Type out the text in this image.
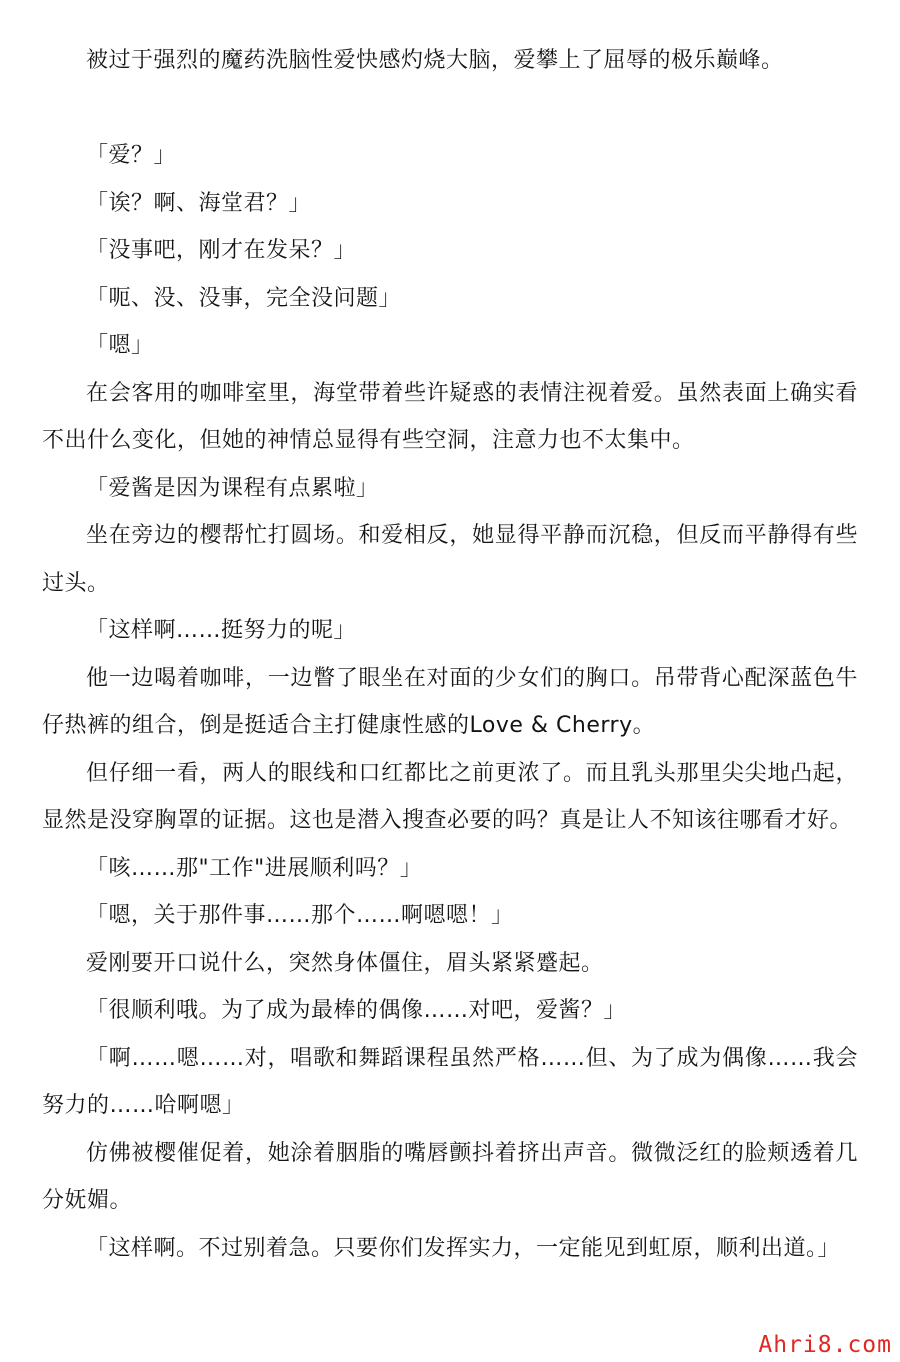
被过于强烈的魔药洗脑性爱快感灼烧大脑，爱攀上了屈辱的极乐巅峰。

「爱？」

「诶？啊、海堂君？」

「没事吧，刚才在发呆？」

「呃、没、没事，完全没问题」

「嗯」

在会客用的咖啡室里，海堂带着些许疑惑的表情注视着爱。虽然表面上确实看不出什么变化，但她的神情总显得有些空洞，注意力也不太集中。

「爱酱是因为课程有点累啦」

坐在旁边的樱帮忙打圆场。和爱相反，她显得平静而沉稳，但反而平静得有些过头。

「这样啊……挺努力的呢」

他一边喝着咖啡，一边瞥了眼坐在对面的少女们的胸口。吊带背心配深蓝色牛仔热裤的组合，倒是挺适合主打健康性感的Love & Cherry。

但仔细一看，两人的眼线和口红都比之前更浓了。而且乳头那里尖尖地凸起，显然是没穿胸罩的证据。这也是潜入搜查必要的吗？真是让人不知该往哪看才好。

「咳……那"工作"进展顺利吗？」

「嗯，关于那件事……那个……啊嗯嗯！」

爱刚要开口说什么，突然身体僵住，眉头紧紧蹙起。

「很顺利哦。为了成为最棒的偶像……对吧，爱酱？」

「啊……嗯……对，唱歌和舞蹈课程虽然严格……但、为了成为偶像……我会努力的……哈啊嗯」

仿佛被樱催促着，她涂着胭脂的嘴唇颤抖着挤出声音。微微泛红的脸颊透着几分妩媚。

「这样啊。不过别着急。只要你们发挥实力，一定能见到虹原，顺利出道。」

Ahri8.com
